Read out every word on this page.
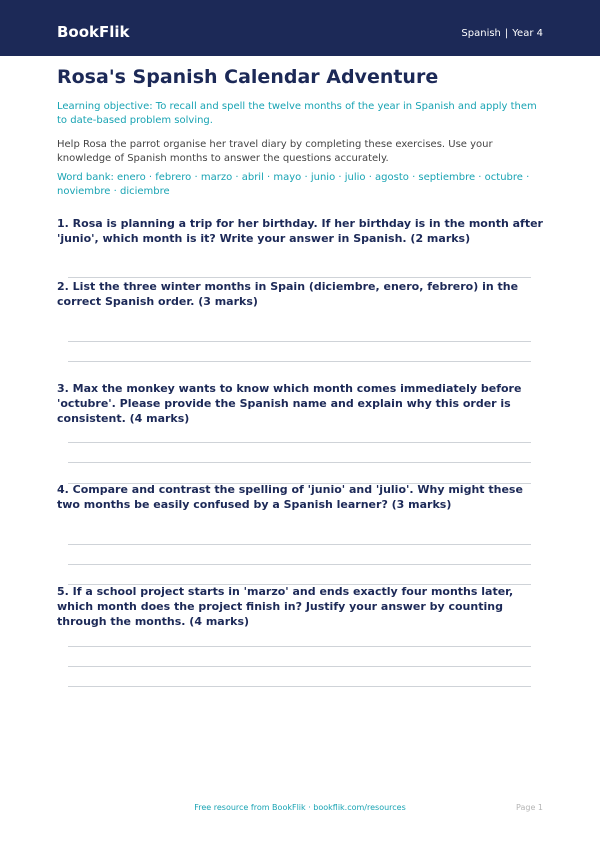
BookFlik	Spanish | Year 4
Rosa's Spanish Calendar Adventure

Learning objective: To recall and spell the twelve months of the year in Spanish and apply them to date-based problem solving.

Help Rosa the parrot organise her travel diary by completing these exercises. Use your knowledge of Spanish months to answer the questions accurately.

Word bank: enero · febrero · marzo · abril · mayo · junio · julio · agosto · septiembre · octubre · noviembre · diciembre

1. Rosa is planning a trip for her birthday. If her birthday is in the month after 'junio', which month is it? Write your answer in Spanish. (2 marks)

2. List the three winter months in Spain (diciembre, enero, febrero) in the correct Spanish order. (3 marks)

3. Max the monkey wants to know which month comes immediately before 'octubre'. Please provide the Spanish name and explain why this order is consistent. (4 marks)

4. Compare and contrast the spelling of 'junio' and 'julio'. Why might these two months be easily confused by a Spanish learner? (3 marks)

5. If a school project starts in 'marzo' and ends exactly four months later, which month does the project finish in? Justify your answer by counting through the months. (4 marks)

Free resource from BookFlik · bookflik.com/resources	Page 1
